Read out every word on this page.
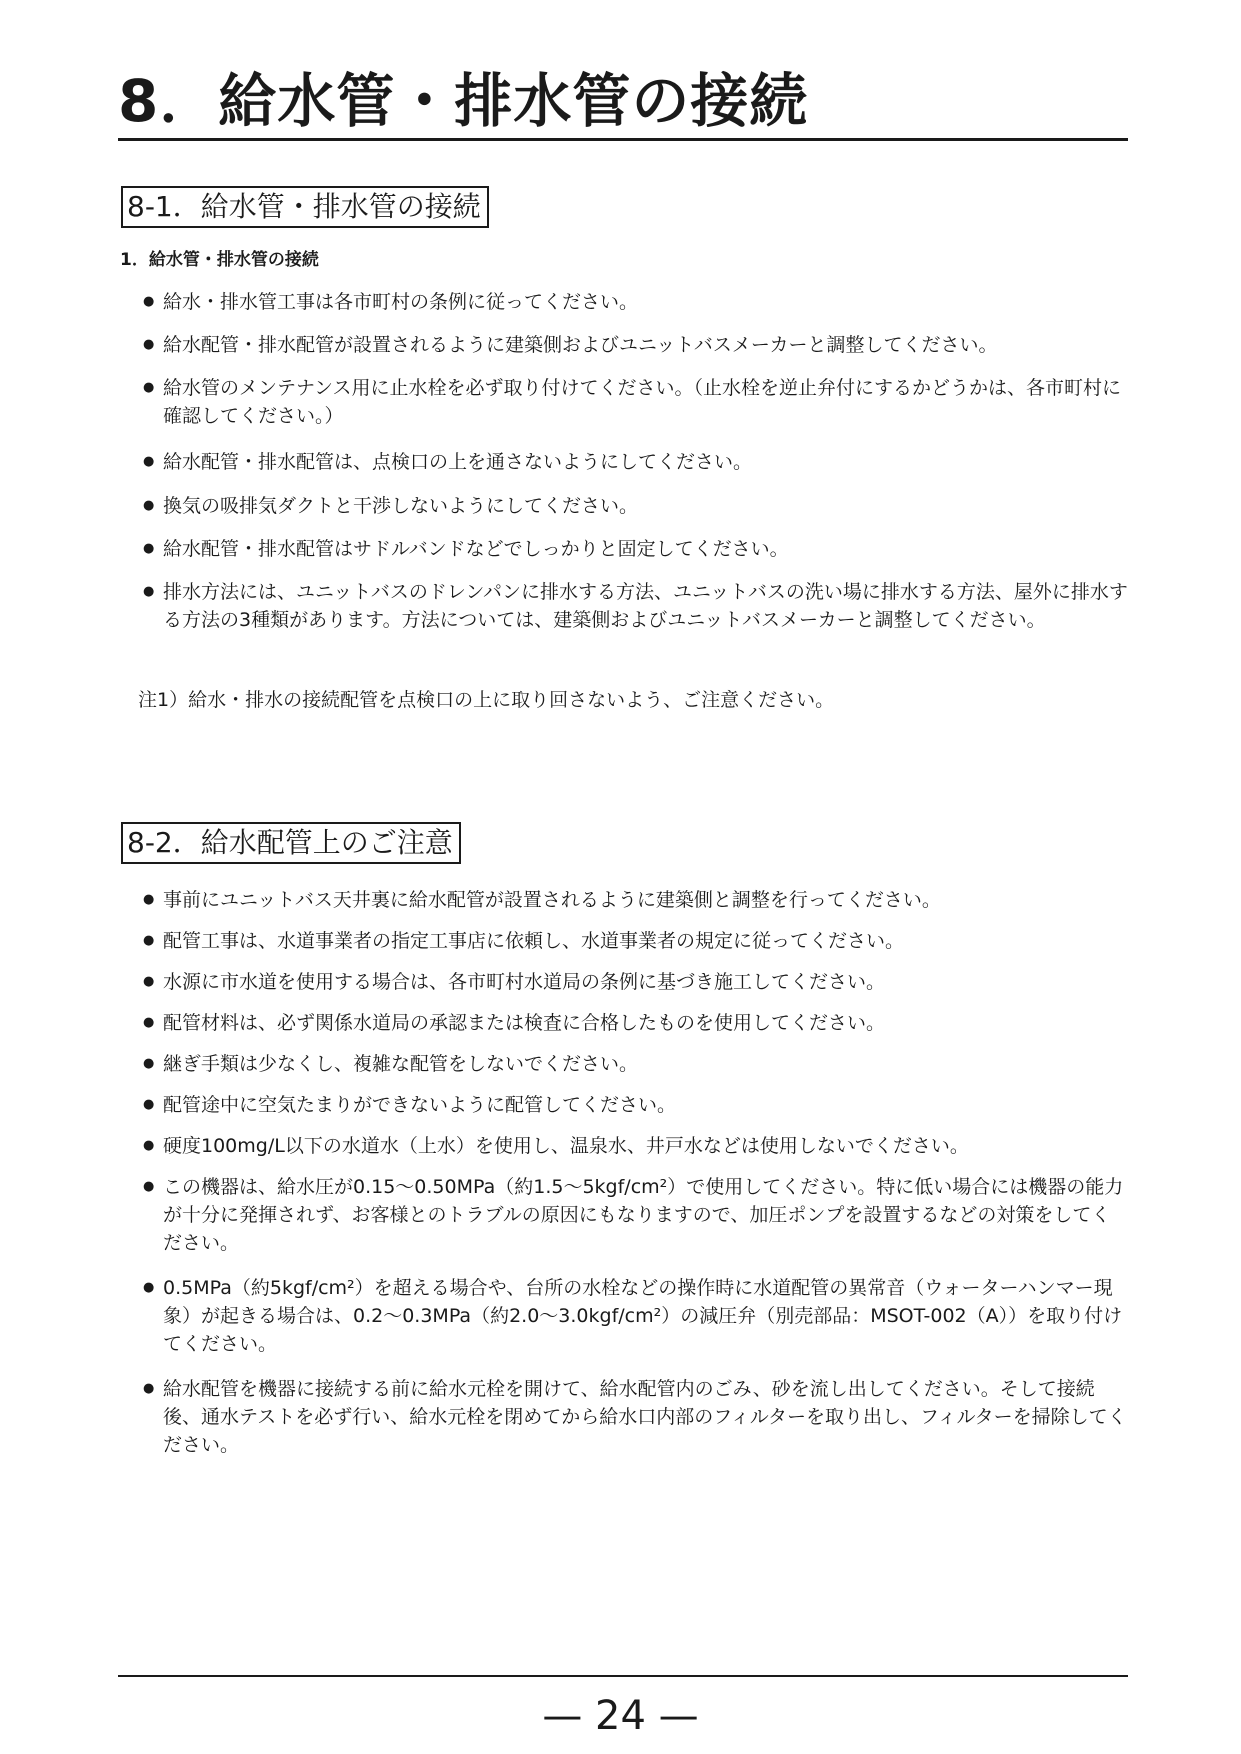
8．給水管・排水管の接続
8-1．給水管・排水管の接続
1．給水管・排水管の接続
● 給水・排水管工事は各市町村の条例に従ってください。
● 給水配管・排水配管が設置されるように建築側およびユニットバスメーカーと調整してください。
● 給水管のメンテナンス用に止水栓を必ず取り付けてください。（止水栓を逆止弁付にするかどうかは、各市町村に確認してください。）
● 給水配管・排水配管は、点検口の上を通さないようにしてください。
● 換気の吸排気ダクトと干渉しないようにしてください。
● 給水配管・排水配管はサドルバンドなどでしっかりと固定してください。
● 排水方法には、ユニットバスのドレンパンに排水する方法、ユニットバスの洗い場に排水する方法、屋外に排水する方法の3種類があります。方法については、建築側およびユニットバスメーカーと調整してください。
注1）給水・排水の接続配管を点検口の上に取り回さないよう、ご注意ください。
8-2．給水配管上のご注意
● 事前にユニットバス天井裏に給水配管が設置されるように建築側と調整を行ってください。
● 配管工事は、水道事業者の指定工事店に依頼し、水道事業者の規定に従ってください。
● 水源に市水道を使用する場合は、各市町村水道局の条例に基づき施工してください。
● 配管材料は、必ず関係水道局の承認または検査に合格したものを使用してください。
● 継ぎ手類は少なくし、複雑な配管をしないでください。
● 配管途中に空気たまりができないように配管してください。
● 硬度100mg/L以下の水道水（上水）を使用し、温泉水、井戸水などは使用しないでください。
● この機器は、給水圧が0.15～0.50MPa（約1.5～5kgf/cm²）で使用してください。特に低い場合には機器の能力が十分に発揮されず、お客様とのトラブルの原因にもなりますので、加圧ポンプを設置するなどの対策をしてください。
● 0.5MPa（約5kgf/cm²）を超える場合や、台所の水栓などの操作時に水道配管の異常音（ウォーターハンマー現象）が起きる場合は、0.2～0.3MPa（約2.0～3.0kgf/cm²）の減圧弁（別売部品：MSOT-002（A））を取り付けてください。
● 給水配管を機器に接続する前に給水元栓を開けて、給水配管内のごみ、砂を流し出してください。そして接続後、通水テストを必ず行い、給水元栓を閉めてから給水口内部のフィルターを取り出し、フィルターを掃除してください。
— 24 —
